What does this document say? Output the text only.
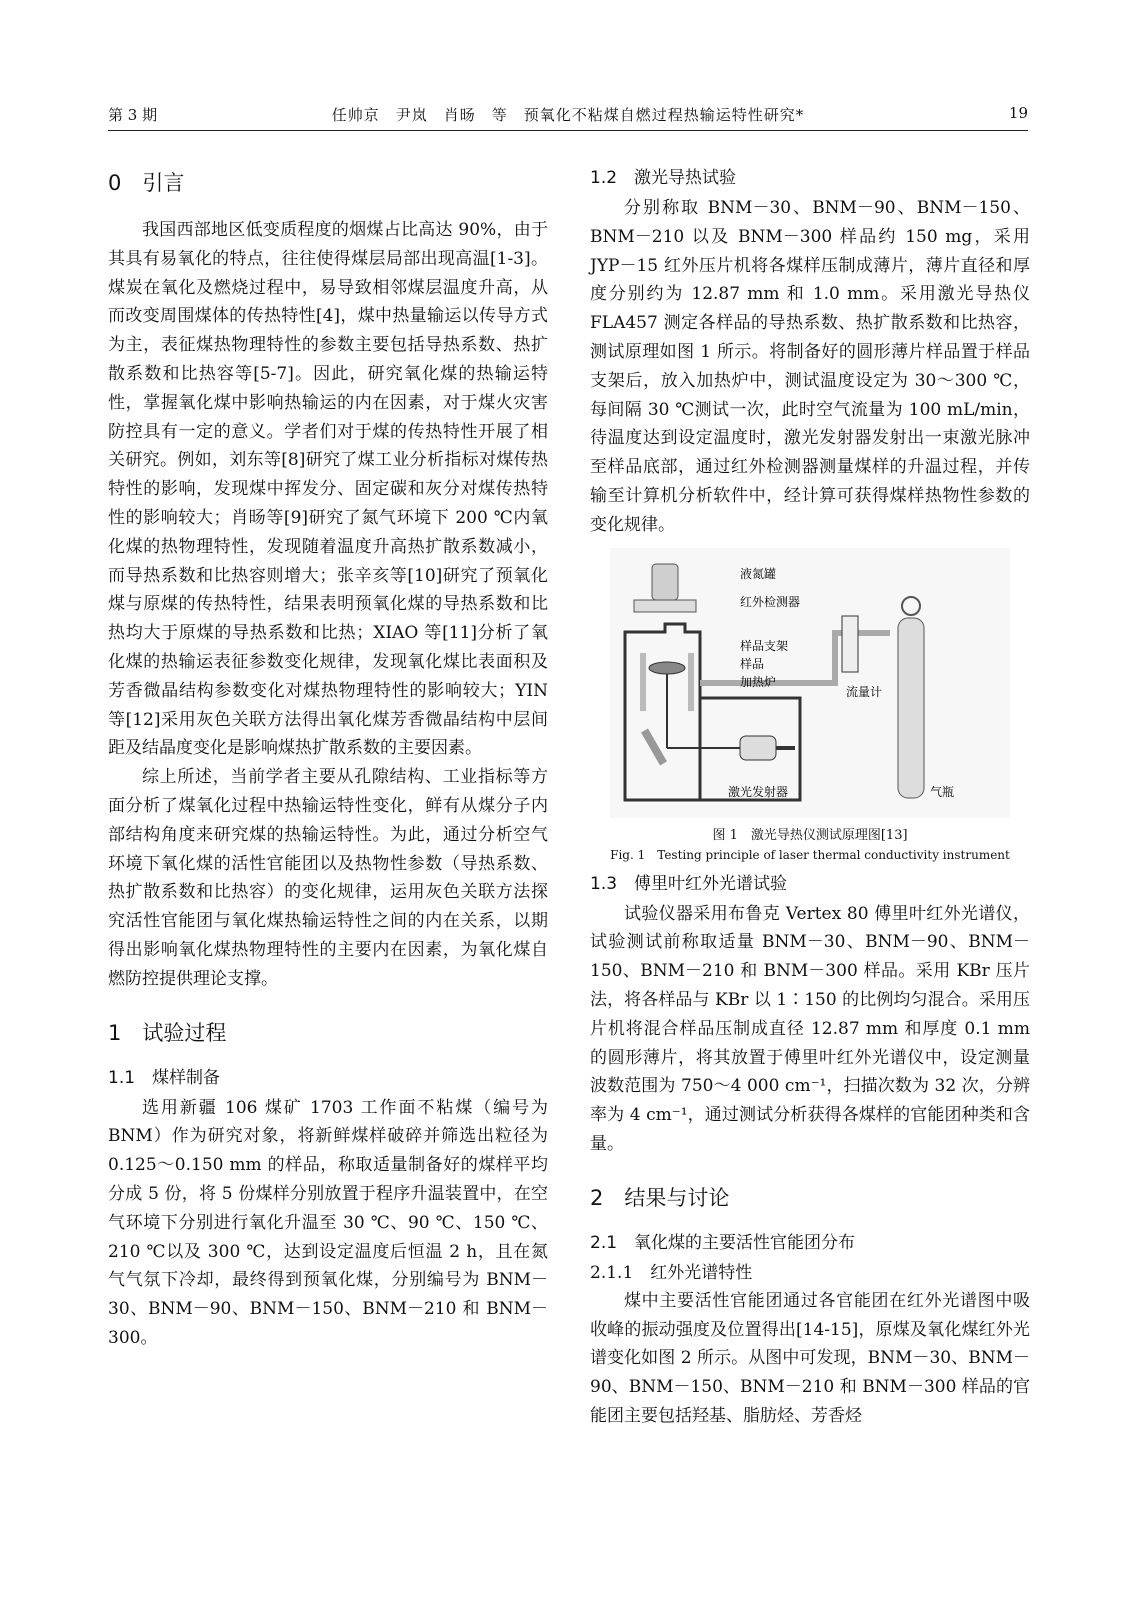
第 3 期	任帅京　尹岚　肖旸　等　预氧化不粘煤自燃过程热输运特性研究*	19
0　引言

我国西部地区低变质程度的烟煤占比高达 90%，由于其具有易氧化的特点，往往使得煤层局部出现高温[1-3]。煤炭在氧化及燃烧过程中，易导致相邻煤层温度升高，从而改变周围煤体的传热特性[4]，煤中热量输运以传导方式为主，表征煤热物理特性的参数主要包括导热系数、热扩散系数和比热容等[5-7]。因此，研究氧化煤的热输运特性，掌握氧化煤中影响热输运的内在因素，对于煤火灾害防控具有一定的意义。学者们对于煤的传热特性开展了相关研究。例如，刘东等[8]研究了煤工业分析指标对煤传热特性的影响，发现煤中挥发分、固定碳和灰分对煤传热特性的影响较大；肖旸等[9]研究了氮气环境下 200 ℃内氧化煤的热物理特性，发现随着温度升高热扩散系数减小，而导热系数和比热容则增大；张辛亥等[10]研究了预氧化煤与原煤的传热特性，结果表明预氧化煤的导热系数和比热均大于原煤的导热系数和比热；XIAO 等[11]分析了氧化煤的热输运表征参数变化规律，发现氧化煤比表面积及芳香微晶结构参数变化对煤热物理特性的影响较大；YIN 等[12]采用灰色关联方法得出氧化煤芳香微晶结构中层间距及结晶度变化是影响煤热扩散系数的主要因素。

综上所述，当前学者主要从孔隙结构、工业指标等方面分析了煤氧化过程中热输运特性变化，鲜有从煤分子内部结构角度来研究煤的热输运特性。为此，通过分析空气环境下氧化煤的活性官能团以及热物性参数（导热系数、热扩散系数和比热容）的变化规律，运用灰色关联方法探究活性官能团与氧化煤热输运特性之间的内在关系，以期得出影响氧化煤热物理特性的主要内在因素，为氧化煤自燃防控提供理论支撑。

1　试验过程
1.1　煤样制备

选用新疆 106 煤矿 1703 工作面不粘煤（编号为 BNM）作为研究对象，将新鲜煤样破碎并筛选出粒径为 0.125～0.150 mm 的样品，称取适量制备好的煤样平均分成 5 份，将 5 份煤样分别放置于程序升温装置中，在空气环境下分别进行氧化升温至 30 ℃、90 ℃、150 ℃、210 ℃以及 300 ℃，达到设定温度后恒温 2 h，且在氮气气氛下冷却，最终得到预氧化煤，分别编号为 BNM－30、BNM－90、BNM－150、BNM－210 和 BNM－300。

1.2　激光导热试验

分别称取 BNM－30、BNM－90、BNM－150、BNM－210 以及 BNM－300 样品约 150 mg，采用 JYP－15 红外压片机将各煤样压制成薄片，薄片直径和厚度分别约为 12.87 mm 和 1.0 mm。采用激光导热仪 FLA457 测定各样品的导热系数、热扩散系数和比热容，测试原理如图 1 所示。将制备好的圆形薄片样品置于样品支架后，放入加热炉中，测试温度设定为 30～300 ℃，每间隔 30 ℃测试一次，此时空气流量为 100 mL/min，待温度达到设定温度时，激光发射器发射出一束激光脉冲至样品底部，通过红外检测器测量煤样的升温过程，并传输至计算机分析软件中，经计算可获得煤样热物性参数的变化规律。

液氮罐
红外检测器
样品支架
样品
加热炉
流量计
激光发射器	气瓶
图 1　激光导热仪测试原理图[13]
Fig. 1　Testing principle of laser thermal conductivity instrument
1.3　傅里叶红外光谱试验

试验仪器采用布鲁克 Vertex 80 傅里叶红外光谱仪，试验测试前称取适量 BNM－30、BNM－90、BNM－150、BNM－210 和 BNM－300 样品。采用 KBr 压片法，将各样品与 KBr 以 1∶150 的比例均匀混合。采用压片机将混合样品压制成直径 12.87 mm 和厚度 0.1 mm 的圆形薄片，将其放置于傅里叶红外光谱仪中，设定测量波数范围为 750～4 000 cm⁻¹，扫描次数为 32 次，分辨率为 4 cm⁻¹，通过测试分析获得各煤样的官能团种类和含量。

2　结果与讨论
2.1　氧化煤的主要活性官能团分布
2.1.1　红外光谱特性

煤中主要活性官能团通过各官能团在红外光谱图中吸收峰的振动强度及位置得出[14-15]，原煤及氧化煤红外光谱变化如图 2 所示。从图中可发现，BNM－30、BNM－90、BNM－150、BNM－210 和 BNM－300 样品的官能团主要包括羟基、脂肪烃、芳香烃
